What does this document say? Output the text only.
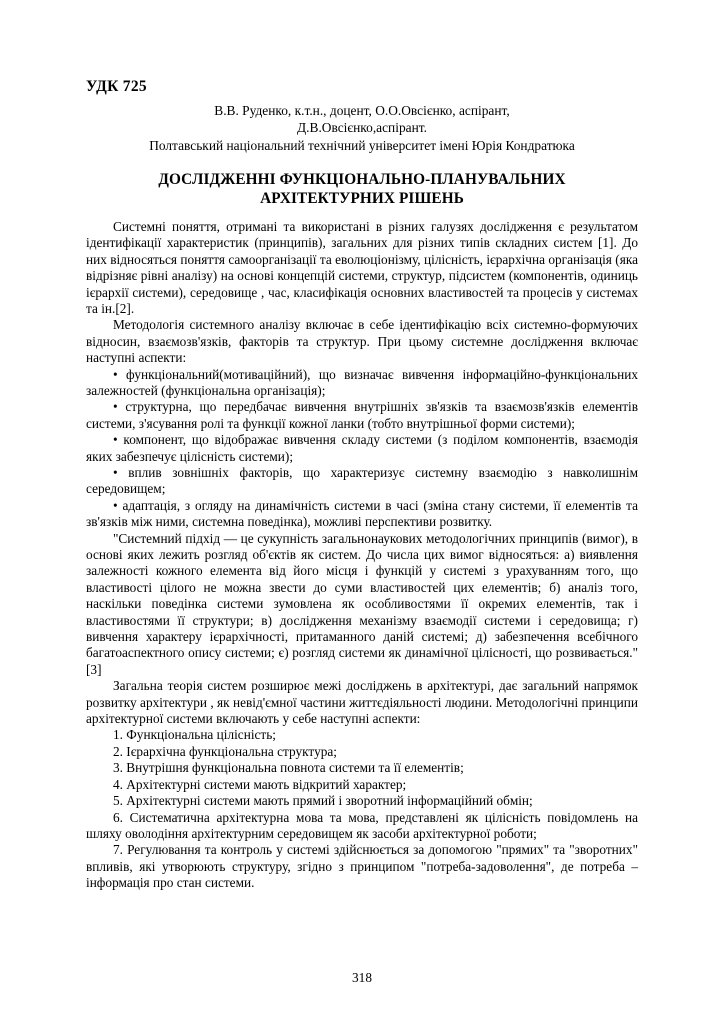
УДК 725
В.В. Руденко, к.т.н., доцент, О.О.Овсієнко, аспірант,
Д.В.Овсієнко,аспірант.
Полтавський національний технічний університет імені Юрія Кондратюка
ДОСЛІДЖЕННІ ФУНКЦІОНАЛЬНО-ПЛАНУВАЛЬНИХ
АРХІТЕКТУРНИХ РІШЕНЬ

Системні поняття, отримані та використані в різних галузях дослідження є результатом ідентифікації характеристик (принципів), загальних для різних типів складних систем [1]. До них відносяться поняття самоорганізації та еволюціонізму, цілісність, ієрархічна організація (яка відрізняє рівні аналізу) на основі концепцій системи, структур, підсистем (компонентів, одиниць ієрархії системи), середовище , час, класифікація основних властивостей та процесів у системах та ін.[2].

Методологія системного аналізу включає в себе ідентифікацію всіх системно-формуючих відносин, взаємозв'язків, факторів та структур. При цьому системне дослідження включає наступні аспекти:

• функціональний(мотиваційний), що визначає вивчення інформаційно-функціональних залежностей (функціональна організація);

• структурна, що передбачає вивчення внутрішніх зв'язків та взаємозв'язків елементів системи, з'ясування ролі та функції кожної ланки (тобто внутрішньої форми системи);

• компонент, що відображає вивчення складу системи (з поділом компонентів, взаємодія яких забезпечує цілісність системи);

• вплив зовнішніх факторів, що характеризує системну взаємодію з навколишнім середовищем;

• адаптація, з огляду на динамічність системи в часі (зміна стану системи, її елементів та зв'язків між ними, системна поведінка), можливі перспективи розвитку.

"Системний підхід — це сукупність загальнонаукових методологічних принципів (вимог), в основі яких лежить розгляд об'єктів як систем. До числа цих вимог відносяться: а) виявлення залежності кожного елемента від його місця і функцій у системі з урахуванням того, що властивості цілого не можна звести до суми властивостей цих елементів; б) аналіз того, наскільки поведінка системи зумовлена як особливостями її окремих елементів, так і властивостями її структури; в) дослідження механізму взаємодії системи і середовища; г) вивчення характеру ієрархічності, притаманного даній системі; д) забезпечення всебічного багатоаспектного опису системи; є) розгляд системи як динамічної цілісності, що розвивається."[3]

Загальна теорія систем розширює межі досліджень в архітектурі, дає загальний напрямок розвитку архітектури , як невід'ємної частини життєдіяльності людини. Методологічні принципи архітектурної системи включають у себе наступні аспекти:

1. Функціональна цілісність;

2. Ієрархічна функціональна структура;

3. Внутрішня функціональна повнота системи та її елементів;

4. Архітектурні системи мають відкритий характер;

5. Архітектурні системи мають прямий і зворотний інформаційний обмін;

6. Систематична архітектурна мова та мова, представлені як цілісність повідомлень на шляху оволодіння архітектурним середовищем як засоби архітектурної роботи;

7. Регулювання та контроль у системі здійснюється за допомогою "прямих" та "зворотних" впливів, які утворюють структуру, згідно з принципом "потреба-задоволення", де потреба – інформація про стан системи.

318
